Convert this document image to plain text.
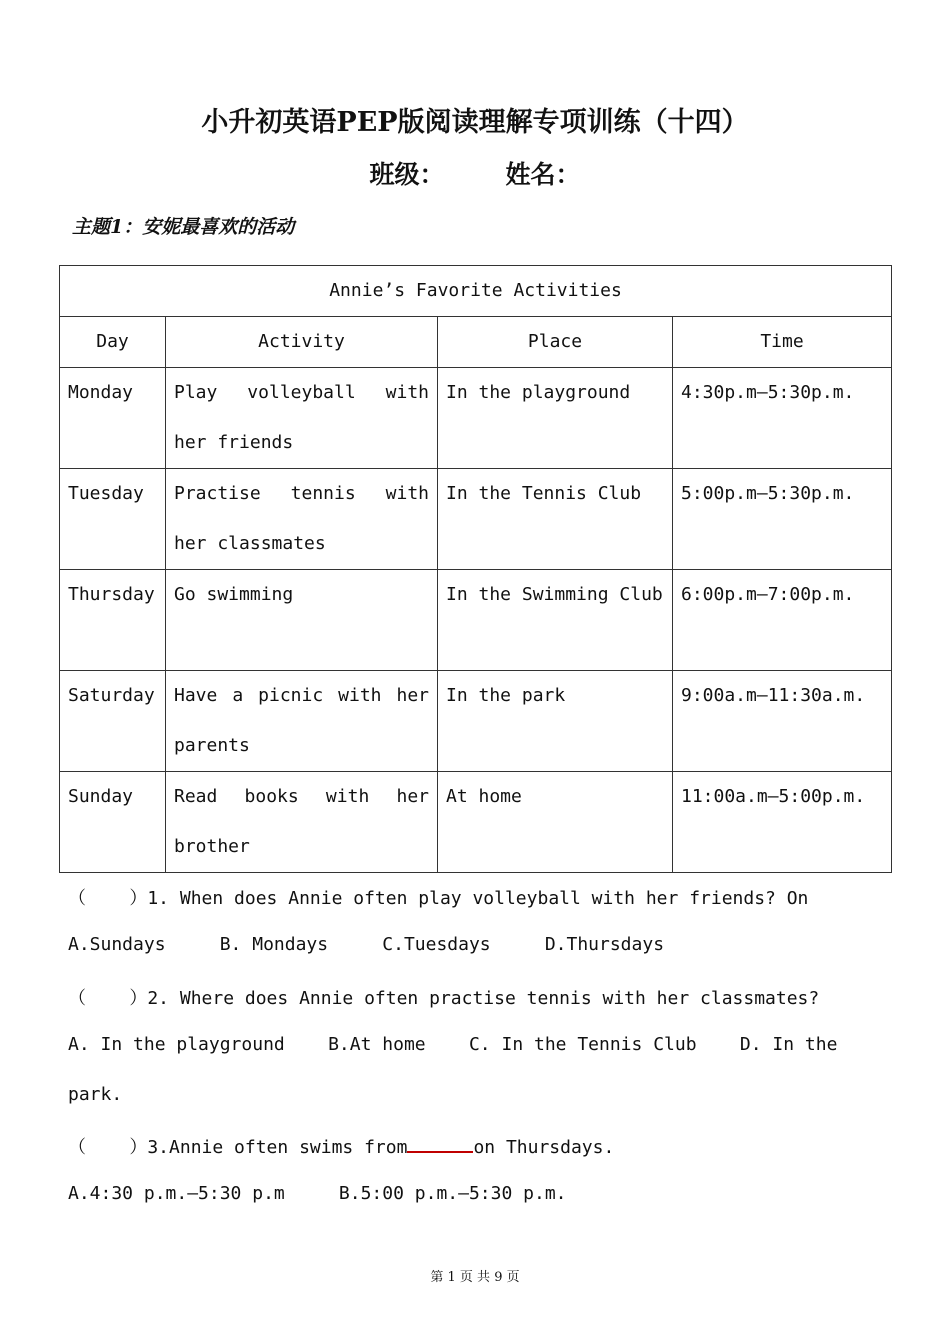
小升初英语PEP版阅读理解专项训练（十四）
班级：       姓名：
主题1：安妮最喜欢的活动
Annie’s Favorite Activities			
Day	Activity	Place	Time
Monday	Play volleyball with her friends	In the playground	4:30p.m—5:30p.m.
Tuesday	Practise tennis with her classmates	In the Tennis Club	5:00p.m—5:30p.m.
Thursday	Go swimming	In the Swimming Club	6:00p.m—7:00p.m.
Saturday	Have a picnic with her parents	In the park	9:00a.m—11:30a.m.
Sunday	Read books with her brother	At home	11:00a.m—5:00p.m.
（    ）1. When does Annie often play volleyball with her friends? On
A.Sundays     B. Mondays     C.Tuesdays     D.Thursdays
（    ）2. Where does Annie often practise tennis with her classmates?
A. In the playground    B.At home    C. In the Tennis Club    D. In the
park.
（    ）3.Annie often swims from	on Thursdays.
A.4:30 p.m.—5:30 p.m     B.5:00 p.m.—5:30 p.m.
第 1 页 共 9 页
